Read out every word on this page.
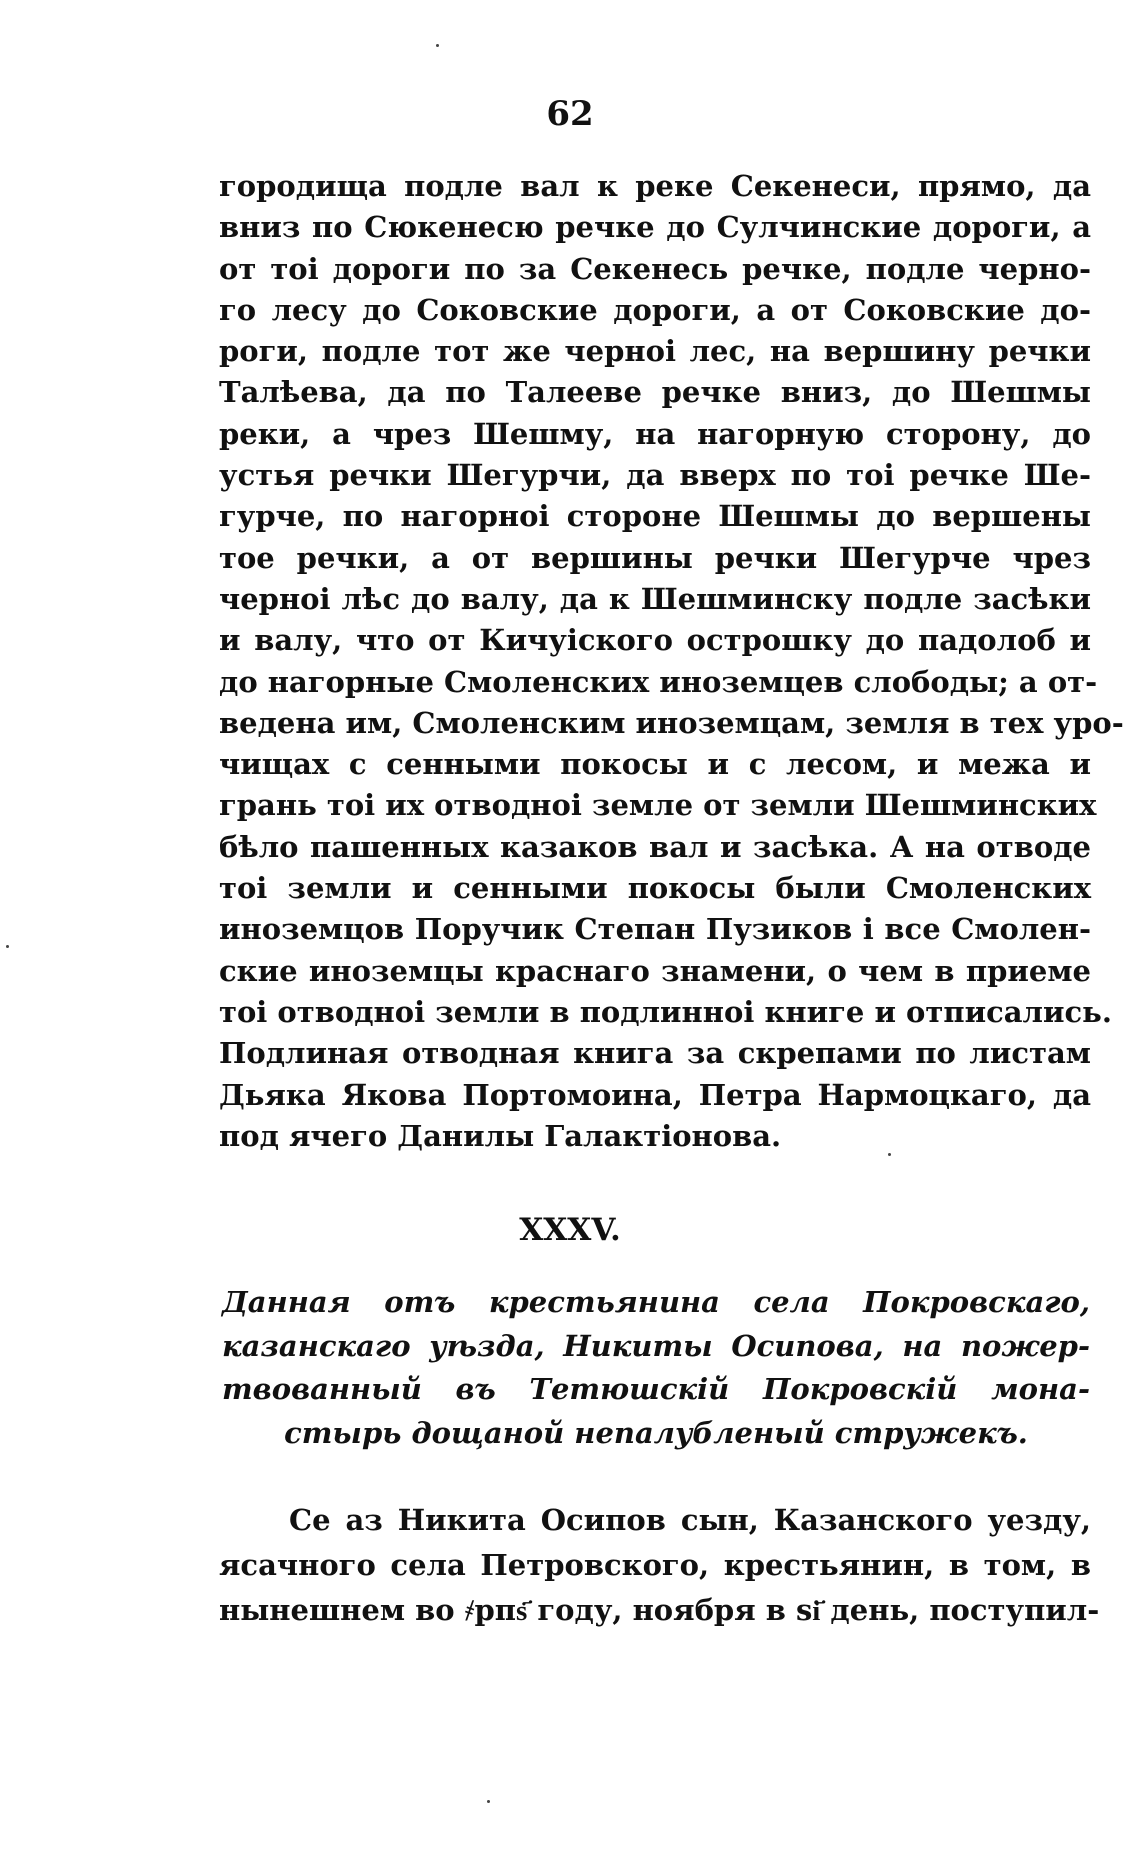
62
городища подле вал к реке Секенеси, прямо, да
вниз по Сюкенесю речке до Сулчинские дороги, а
от тоі дороги по за Секенесь речке, подле черно-
го лесу до Соковские дороги, а от Соковские до-
роги, подле тот же черноі лес, на вершину речки
Талѣева, да по Талееве речке вниз, до Шешмы
реки, а чрез Шешму, на нагорную сторону, до
устья речки Шегурчи, да вверх по тоі речке Ше-
гурче, по нагорноі стороне Шешмы до вершены
тое речки, а от вершины речки Шегурче чрез
черноі лѣс до валу, да к Шешминску подле засѣки
и валу, что от Кичуіского острошку до падолоб и
до нагорные Смоленских иноземцев слободы; а от-
ведена им, Смоленским иноземцам, земля в тех уро-
чищах с сенными покосы и с лесом, и межа и
грань тоі их отводноі земле от земли Шешминских
бѣло пашенных казаков вал и засѣка. А на отводе
тоі земли и сенными покосы были Смоленских
иноземцов Поручик Степан Пузиков і все Смолен-
ские иноземцы краснаго знамени, о чем в приеме
тоі отводноі земли в подлинноі книге и отписались.
Подлиная отводная книга за скрепами по листам
Дьяка Якова Портомоина, Петра Нармоцкаго, да
под ячего Данилы Галактіонова.
XXXV.
Данная отъ крестьянина села Покровскаго,
казанскаго уѣзда, Никиты Осипова, на пожер-
твованный въ Тетюшскій Покровскій мона-
стырь дощаной непалубленый стружекъ.
Се аз Никита Осипов сын, Казанского уезду,
ясачного села Петровского, крестьянин, в том, в
нынешнем во ҂рпѕ҃ году, ноября в ѕі҃ день, поступил-
